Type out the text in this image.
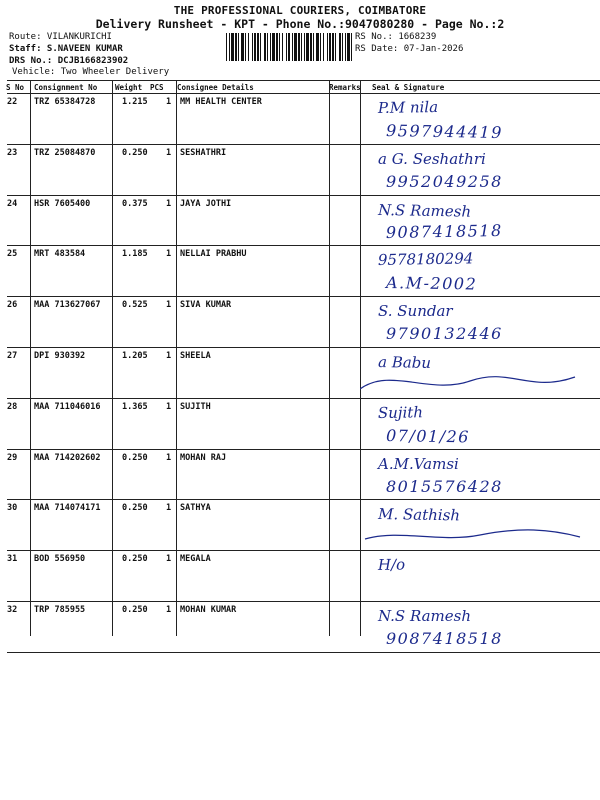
THE PROFESSIONAL COURIERS, COIMBATORE
Delivery Runsheet - KPT - Phone No.:9047080280 - Page No.:2
Route: VILANKURICHI
Staff: S.NAVEEN KUMAR
DRS No.: DCJB166823902
Vehicle: Two Wheeler Delivery
RS No.: 1668239
RS Date: 07-Jan-2026
S No Consignment No Weight PCS Consignee Details	Remarks Seal & Signature
22 TRZ 65384728	1.215 1 MM HEALTH CENTER	P.M nila
9597944419
23 TRZ 25084870	0.250 1 SESHATHRI	a G. Seshathri
9952049258
24 HSR 7605400	0.375 1 JAYA JOTHI	N.S Ramesh
9087418518
25 MRT 483584	1.185 1 NELLAI PRABHU	9578180294
A.M-2002
26 MAA 713627067	0.525 1 SIVA KUMAR	S. Sundar
9790132446
27 DPI 930392	1.205 1 SHEELA	a Babu
28 MAA 711046016	1.365 1 SUJITH	Sujith
07/01/26
29 MAA 714202602	0.250 1 MOHAN RAJ	A.M.Vamsi
8015576428
30 MAA 714074171	0.250 1 SATHYA	M. Sathish
31 BOD 556950	0.250 1 MEGALA	H/o
32 TRP 785955	0.250 1 MOHAN KUMAR	N.S Ramesh
9087418518
